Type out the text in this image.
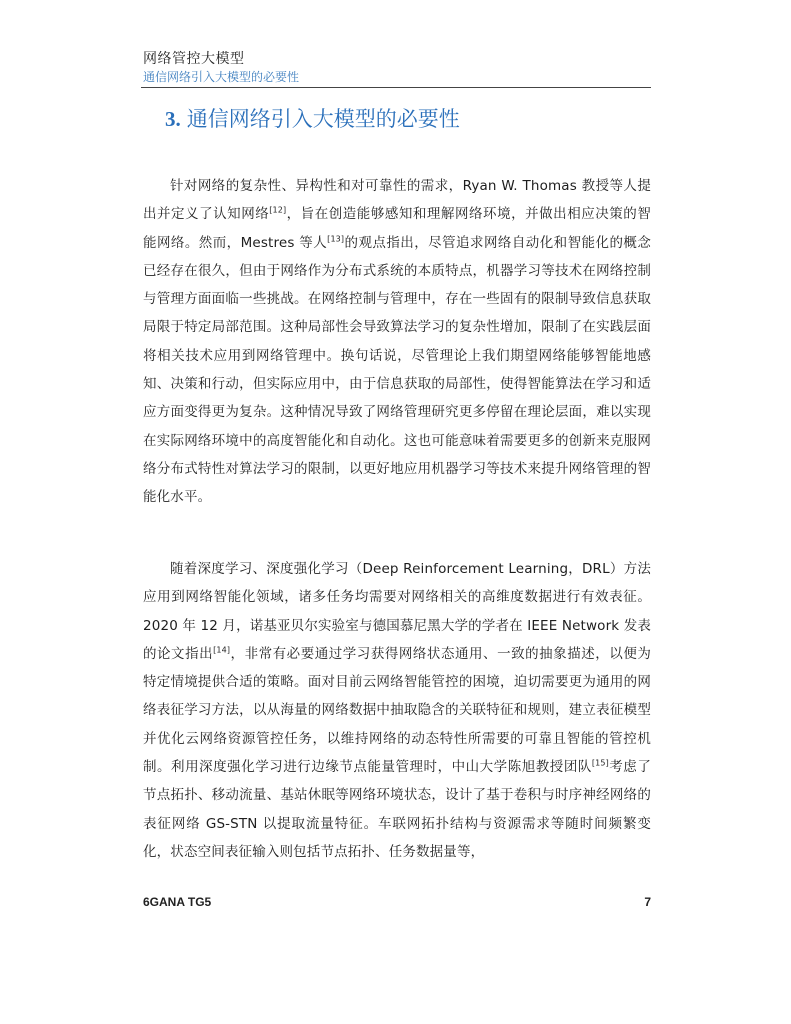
网络管控大模型
通信网络引入大模型的必要性
3. 通信网络引入大模型的必要性

针对网络的复杂性、异构性和对可靠性的需求，Ryan W. Thomas 教授等人提出并定义了认知网络[12]，旨在创造能够感知和理解网络环境，并做出相应决策的智能网络。然而，Mestres 等人[13]的观点指出，尽管追求网络自动化和智能化的概念已经存在很久，但由于网络作为分布式系统的本质特点，机器学习等技术在网络控制与管理方面面临一些挑战。在网络控制与管理中，存在一些固有的限制导致信息获取局限于特定局部范围。这种局部性会导致算法学习的复杂性增加，限制了在实践层面将相关技术应用到网络管理中。换句话说，尽管理论上我们期望网络能够智能地感知、决策和行动，但实际应用中，由于信息获取的局部性，使得智能算法在学习和适应方面变得更为复杂。这种情况导致了网络管理研究更多停留在理论层面，难以实现在实际网络环境中的高度智能化和自动化。这也可能意味着需要更多的创新来克服网络分布式特性对算法学习的限制，以更好地应用机器学习等技术来提升网络管理的智能化水平。

随着深度学习、深度强化学习（Deep Reinforcement Learning，DRL）方法应用到网络智能化领域，诸多任务均需要对网络相关的高维度数据进行有效表征。2020 年 12 月，诺基亚贝尔实验室与德国慕尼黑大学的学者在 IEEE Network 发表的论文指出[14]，非常有必要通过学习获得网络状态通用、一致的抽象描述，以便为特定情境提供合适的策略。面对目前云网络智能管控的困境，迫切需要更为通用的网络表征学习方法，以从海量的网络数据中抽取隐含的关联特征和规则，建立表征模型并优化云网络资源管控任务，以维持网络的动态特性所需要的可靠且智能的管控机制。利用深度强化学习进行边缘节点能量管理时，中山大学陈旭教授团队[15]考虑了节点拓扑、移动流量、基站休眠等网络环境状态，设计了基于卷积与时序神经网络的表征网络 GS-STN 以提取流量特征。车联网拓扑结构与资源需求等随时间频繁变化，状态空间表征输入则包括节点拓扑、任务数据量等，

6GANA TG5	7
